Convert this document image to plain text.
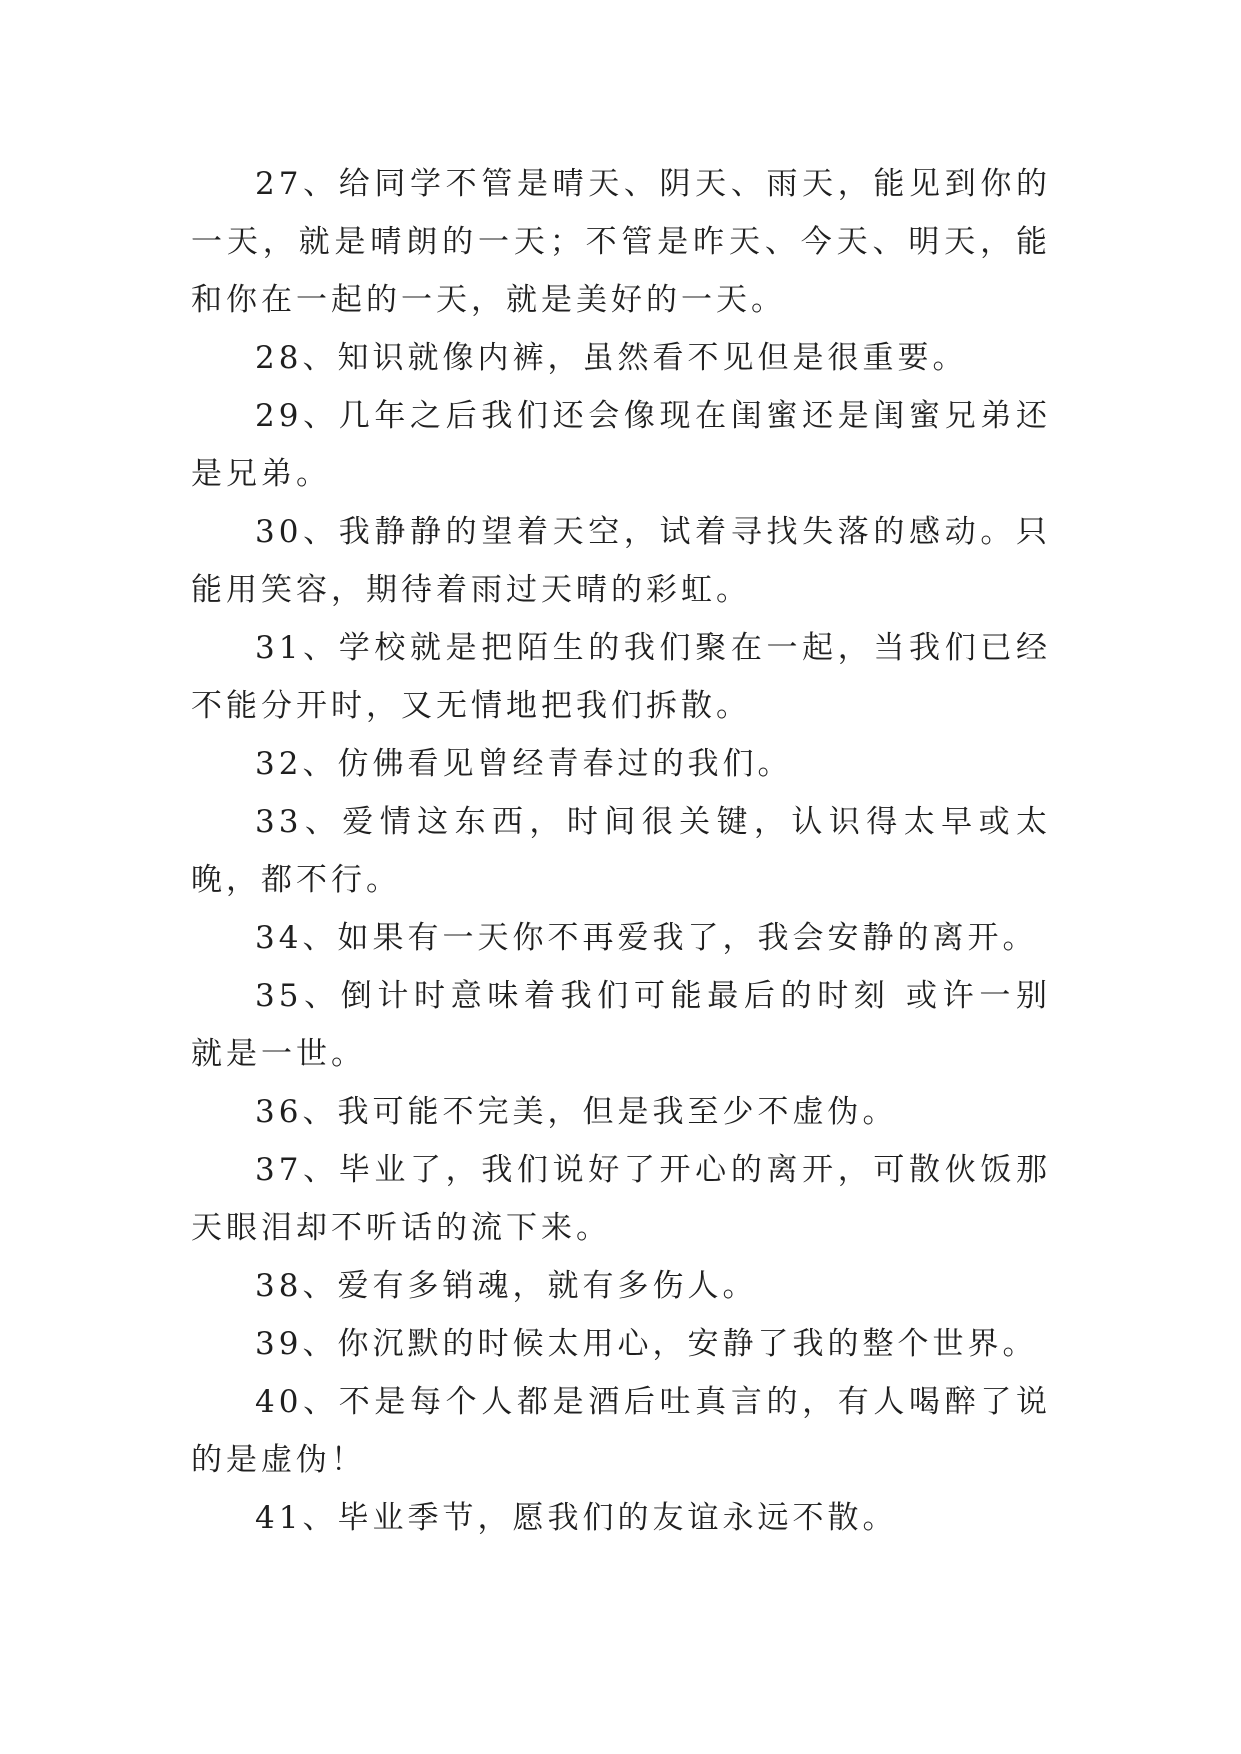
27、给同学不管是晴天、阴天、雨天，能见到你的一天，就是晴朗的一天；不管是昨天、今天、明天，能和你在一起的一天，就是美好的一天。

28、知识就像内裤，虽然看不见但是很重要。

29、几年之后我们还会像现在闺蜜还是闺蜜兄弟还是兄弟。

30、我静静的望着天空，试着寻找失落的感动。只能用笑容，期待着雨过天晴的彩虹。

31、学校就是把陌生的我们聚在一起，当我们已经不能分开时，又无情地把我们拆散。

32、仿佛看见曾经青春过的我们。

33、爱情这东西，时间很关键，认识得太早或太晚，都不行。

34、如果有一天你不再爱我了，我会安静的离开。

35、倒计时意味着我们可能最后的时刻 或许一别就是一世。

36、我可能不完美，但是我至少不虚伪。

37、毕业了，我们说好了开心的离开，可散伙饭那天眼泪却不听话的流下来。

38、爱有多销魂，就有多伤人。

39、你沉默的时候太用心，安静了我的整个世界。

40、不是每个人都是酒后吐真言的，有人喝醉了说的是虚伪！

41、毕业季节，愿我们的友谊永远不散。
